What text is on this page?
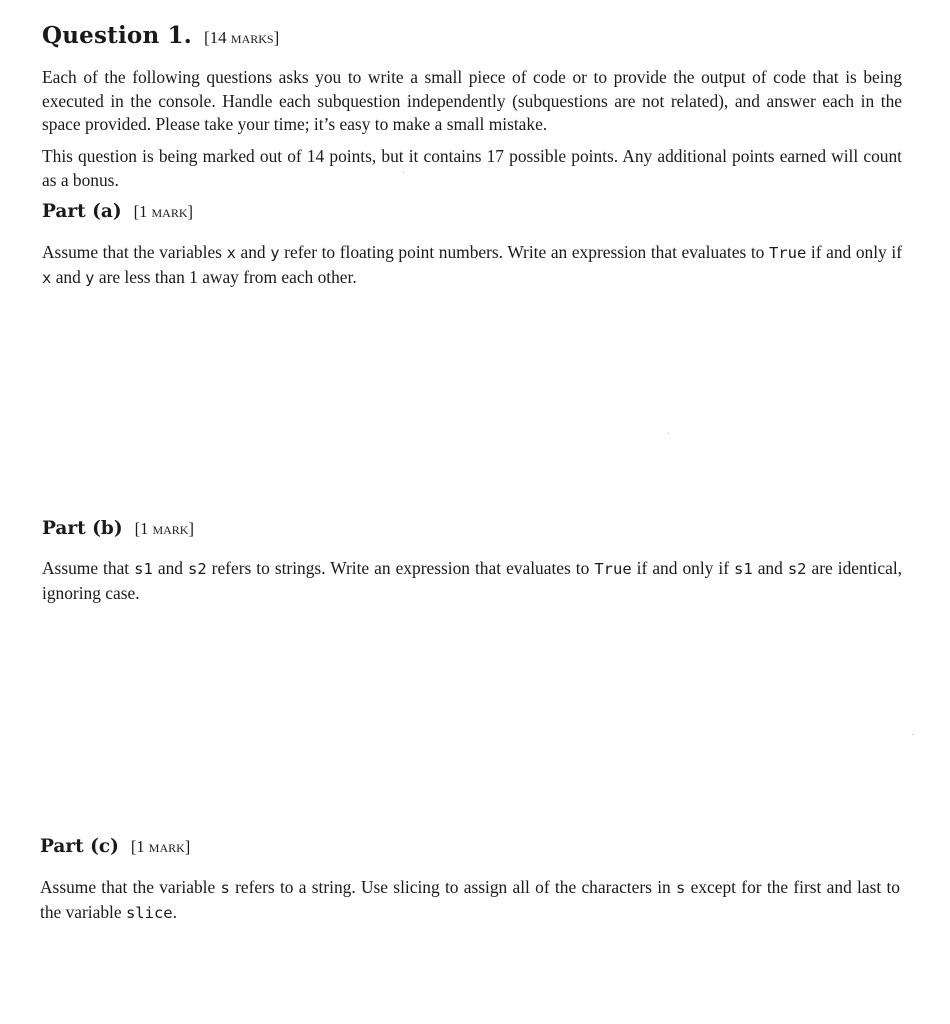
Question 1. [14 marks]
Each of the following questions asks you to write a small piece of code or to provide the output of code that is being executed in the console. Handle each subquestion independently (subquestions are not related), and answer each in the space provided. Please take your time; it’s easy to make a small mistake.
This question is being marked out of 14 points, but it contains 17 possible points. Any additional points earned will count as a bonus.
Part (a) [1 mark]
Assume that the variables x and y refer to floating point numbers. Write an expression that evaluates to True if and only if x and y are less than 1 away from each other.
Part (b) [1 mark]
Assume that s1 and s2 refers to strings. Write an expression that evaluates to True if and only if s1 and s2 are identical, ignoring case.
Part (c) [1 mark]
Assume that the variable s refers to a string. Use slicing to assign all of the characters in s except for the first and last to the variable slice.
